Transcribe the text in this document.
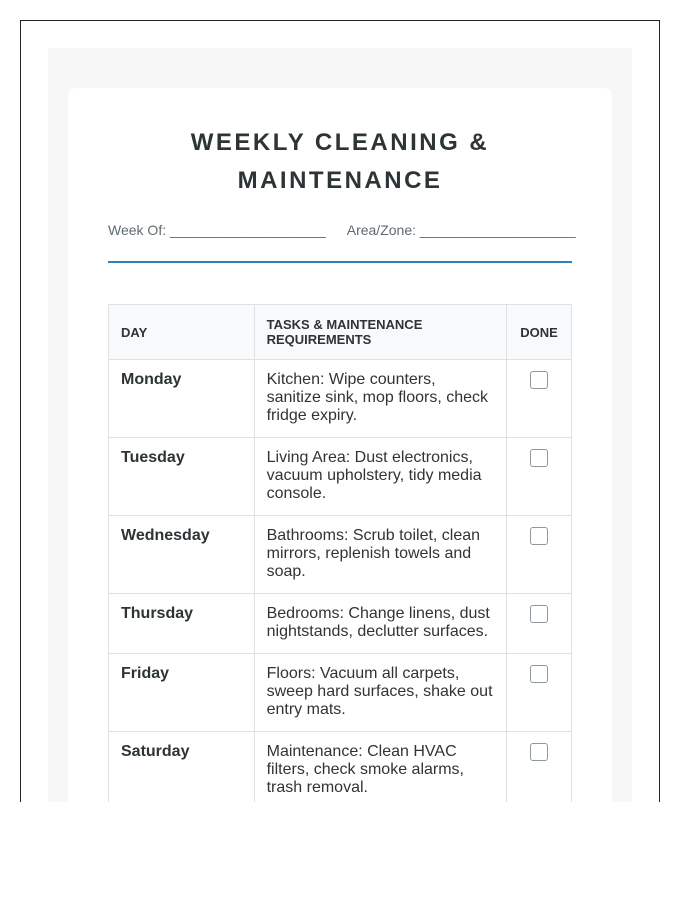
WEEKLY CLEANING &
MAINTENANCE
Week Of: ____________________ Area/Zone: ____________________
DAY	TASKS & MAINTENANCE REQUIREMENTS	DONE
Monday	Kitchen: Wipe counters, sanitize sink, mop floors, check fridge expiry.	
Tuesday	Living Area: Dust electronics, vacuum upholstery, tidy media console.	
Wednesday	Bathrooms: Scrub toilet, clean mirrors, replenish towels and soap.	
Thursday	Bedrooms: Change linens, dust nightstands, declutter surfaces.	
Friday	Floors: Vacuum all carpets, sweep hard surfaces, shake out entry mats.	
Saturday	Maintenance: Clean HVAC filters, check smoke alarms, trash removal.	
